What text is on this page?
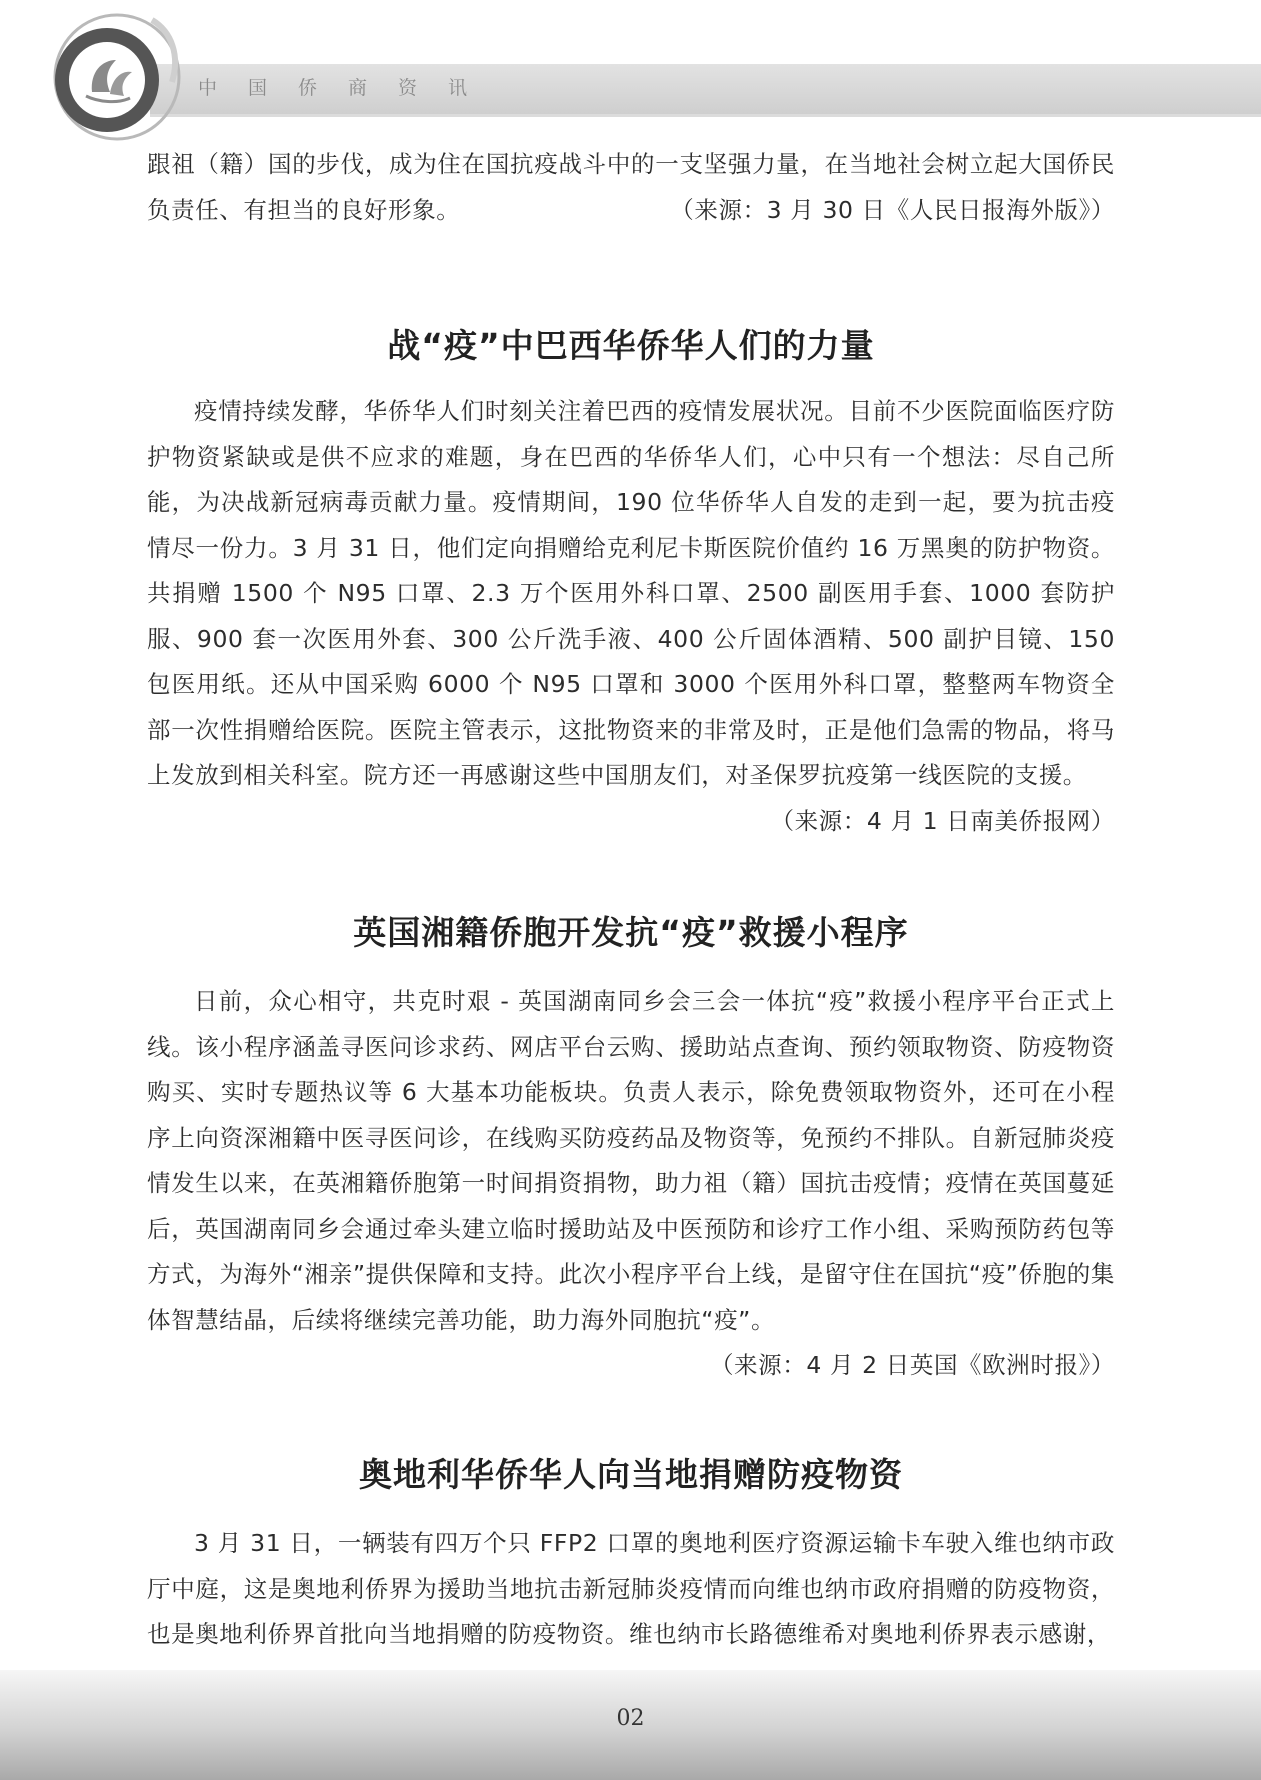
中国侨商资讯

跟祖（籍）国的步伐，成为住在国抗疫战斗中的一支坚强力量，在当地社会树立起大国侨民负责任、有担当的良好形象。	（来源：3 月 30 日《人民日报海外版》）

战“疫”中巴西华侨华人们的力量

疫情持续发酵，华侨华人们时刻关注着巴西的疫情发展状况。目前不少医院面临医疗防护物资紧缺或是供不应求的难题，身在巴西的华侨华人们，心中只有一个想法：尽自己所能，为决战新冠病毒贡献力量。疫情期间，190 位华侨华人自发的走到一起，要为抗击疫情尽一份力。3 月 31 日，他们定向捐赠给克利尼卡斯医院价值约 16 万黑奥的防护物资。共捐赠 1500 个 N95 口罩、2.3 万个医用外科口罩、2500 副医用手套、1000 套防护服、900 套一次医用外套、300 公斤洗手液、400 公斤固体酒精、500 副护目镜、150 包医用纸。还从中国采购 6000 个 N95 口罩和 3000 个医用外科口罩，整整两车物资全部一次性捐赠给医院。医院主管表示，这批物资来的非常及时，正是他们急需的物品，将马上发放到相关科室。院方还一再感谢这些中国朋友们，对圣保罗抗疫第一线医院的支援。

（来源：4 月 1 日南美侨报网）
英国湘籍侨胞开发抗“疫”救援小程序

日前，众心相守，共克时艰 - 英国湖南同乡会三会一体抗“疫”救援小程序平台正式上线。该小程序涵盖寻医问诊求药、网店平台云购、援助站点查询、预约领取物资、防疫物资购买、实时专题热议等 6 大基本功能板块。负责人表示，除免费领取物资外，还可在小程序上向资深湘籍中医寻医问诊，在线购买防疫药品及物资等，免预约不排队。自新冠肺炎疫情发生以来，在英湘籍侨胞第一时间捐资捐物，助力祖（籍）国抗击疫情；疫情在英国蔓延后，英国湖南同乡会通过牵头建立临时援助站及中医预防和诊疗工作小组、采购预防药包等方式，为海外“湘亲”提供保障和支持。此次小程序平台上线，是留守住在国抗“疫”侨胞的集体智慧结晶，后续将继续完善功能，助力海外同胞抗“疫”。

（来源：4 月 2 日英国《欧洲时报》）
奥地利华侨华人向当地捐赠防疫物资

3 月 31 日，一辆装有四万个只 FFP2 口罩的奥地利医疗资源运输卡车驶入维也纳市政厅中庭，这是奥地利侨界为援助当地抗击新冠肺炎疫情而向维也纳市政府捐赠的防疫物资，也是奥地利侨界首批向当地捐赠的防疫物资。维也纳市长路德维希对奥地利侨界表示感谢，

02
